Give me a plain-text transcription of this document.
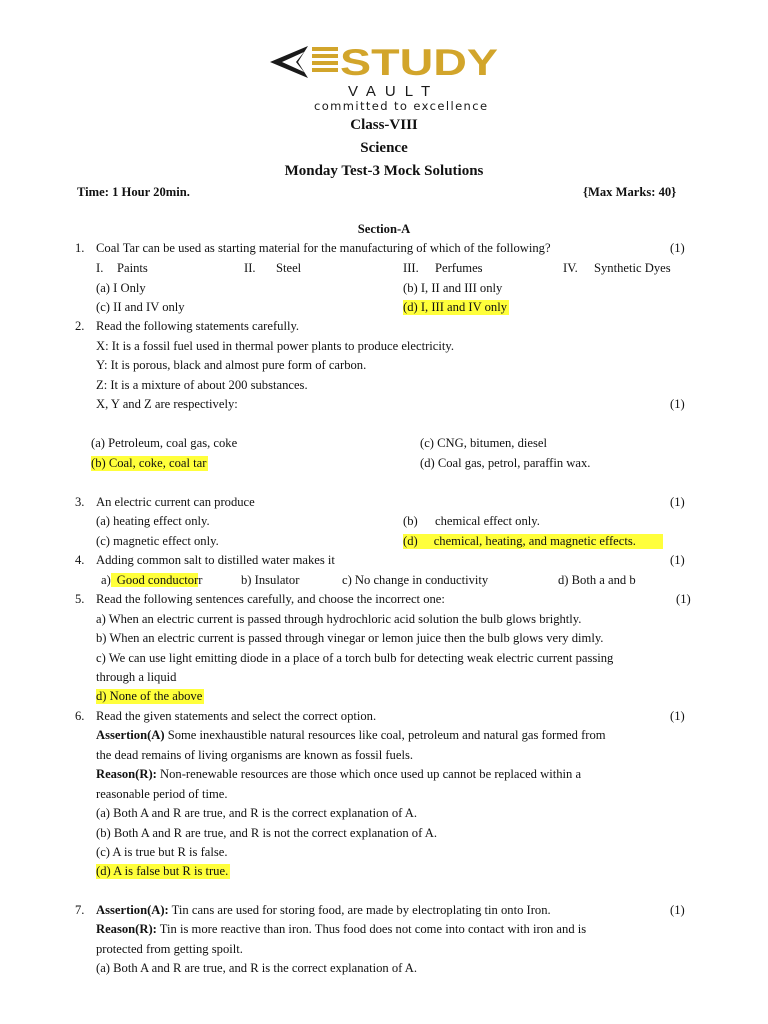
STUDY
VAULT
committed to excellence
Class-VIII
Science
Monday Test-3 Mock Solutions
Time: 1 Hour 20min.	{Max Marks: 40}
Section-A
1. Coal Tar can be used as starting material for the manufacturing of which of the following?	(1)
I. Paints	II. Steel	III. Perfumes	IV. Synthetic Dyes
(a) I Only	(b) I, II and III only
(c) II and IV only	(d) I, III and IV only
2. Read the following statements carefully.
X: It is a fossil fuel used in thermal power plants to produce electricity.
Y: It is porous, black and almost pure form of carbon.
Z: It is a mixture of about 200 substances.
X, Y and Z are respectively:	(1)
(a) Petroleum, coal gas, coke	(c) CNG, bitumen, diesel
(b) Coal, coke, coal tar	(d) Coal gas, petrol, paraffin wax.
3. An electric current can produce	(1)
(a) heating effect only.	(b) chemical effect only.
(c) magnetic effect only.	(d) chemical, heating, and magnetic effects.
4. Adding common salt to distilled water makes it	(1)
a) Good conductorr	b) Insulator	c) No change in conductivity	d) Both a and b
5. Read the following sentences carefully, and choose the incorrect one:	(1)
a) When an electric current is passed through hydrochloric acid solution the bulb glows brightly.
b) When an electric current is passed through vinegar or lemon juice then the bulb glows very dimly.
c) We can use light emitting diode in a place of a torch bulb for detecting weak electric current passing
through a liquid
d) None of the above
6. Read the given statements and select the correct option.	(1)
Assertion(A) Some inexhaustible natural resources like coal, petroleum and natural gas formed from
the dead remains of living organisms are known as fossil fuels.
Reason(R): Non-renewable resources are those which once used up cannot be replaced within a
reasonable period of time.
(a) Both A and R are true, and R is the correct explanation of A.
(b) Both A and R are true, and R is not the correct explanation of A.
(c) A is true but R is false.
(d) A is false but R is true.
7. Assertion(A): Tin cans are used for storing food, are made by electroplating tin onto Iron.	(1)
Reason(R): Tin is more reactive than iron. Thus food does not come into contact with iron and is
protected from getting spoilt.
(a) Both A and R are true, and R is the correct explanation of A.
